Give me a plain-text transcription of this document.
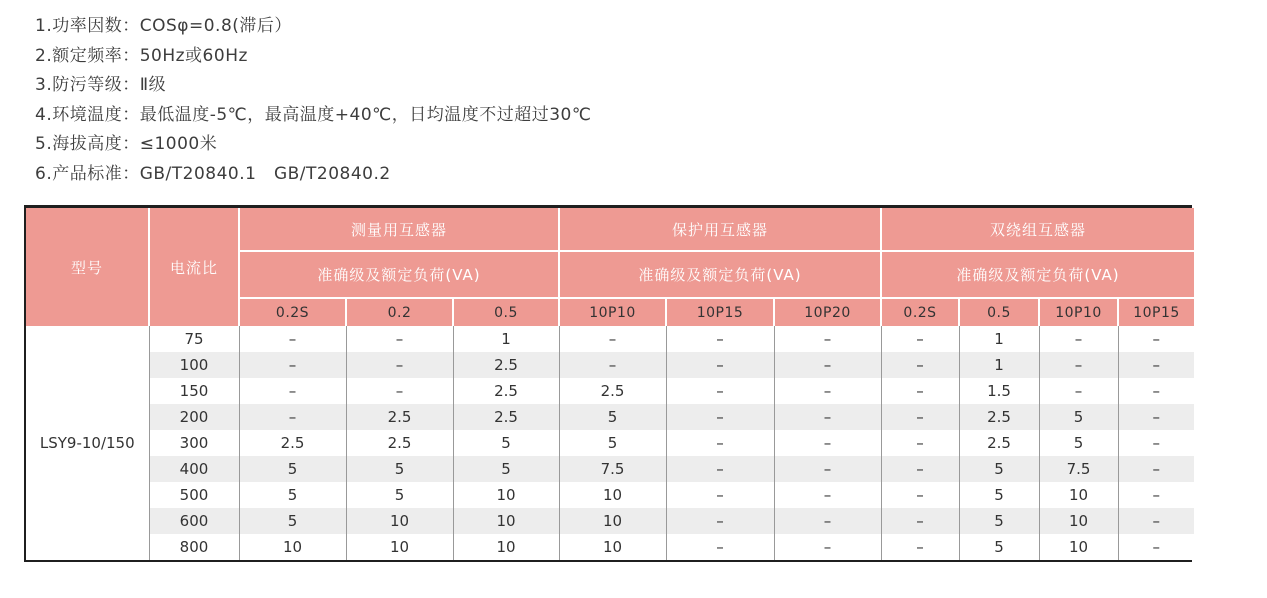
1.功率因数：COSφ=0.8(滞后）
2.额定频率：50Hz或60Hz
3.防污等级：Ⅱ级
4.环境温度：最低温度-5℃，最高温度+40℃，日均温度不过超过30℃
5.海拔高度：≤1000米
6.产品标准：GB/T20840.1　GB/T20840.2
型号	电流比	测量用互感器			保护用互感器			双绕组互感器			
		准确级及额定负荷(VA)			准确级及额定负荷(VA)			准确级及额定负荷(VA)			
		0.2S	0.2	0.5	10P10	10P15	10P20	0.2S	0.5	10P10	10P15
LSY9-10/150	75	–	–	1	–	–	–	–	1	–	–
	100	–	–	2.5	–	–	–	–	1	–	–
	150	–	–	2.5	2.5	–	–	–	1.5	–	–
	200	–	2.5	2.5	5	–	–	–	2.5	5	–
	300	2.5	2.5	5	5	–	–	–	2.5	5	–
	400	5	5	5	7.5	–	–	–	5	7.5	–
	500	5	5	10	10	–	–	–	5	10	–
	600	5	10	10	10	–	–	–	5	10	–
	800	10	10	10	10	–	–	–	5	10	–
